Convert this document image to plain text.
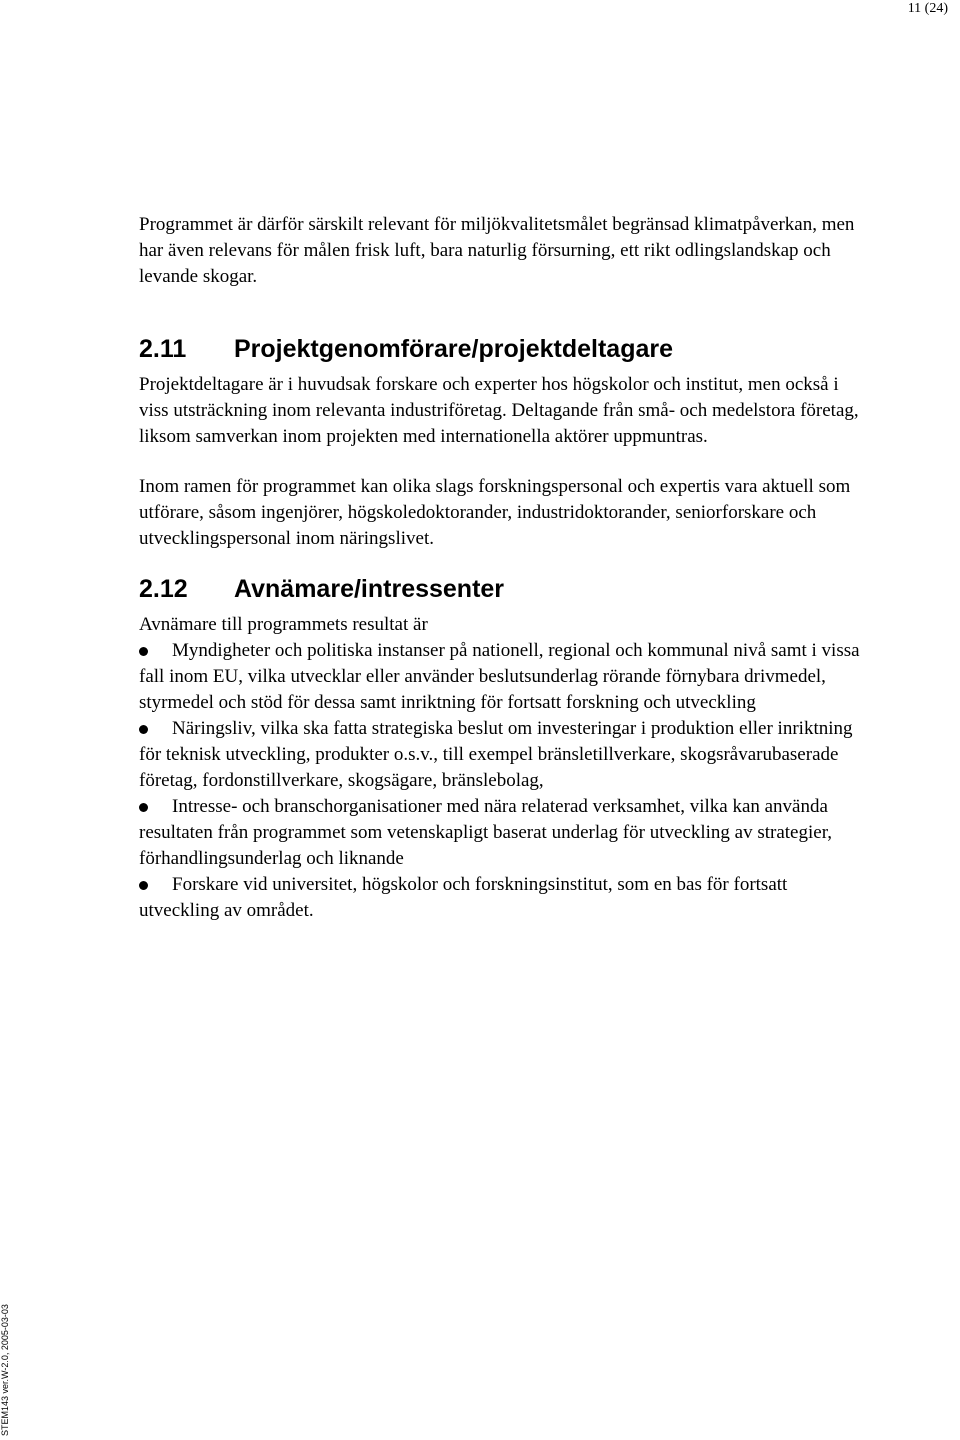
11 (24)

Programmet är därför särskilt relevant för miljökvalitetsmålet begränsad klimatpåverkan, men har även relevans för målen frisk luft, bara naturlig försurning, ett rikt odlingslandskap och levande skogar.

2.11 Projektgenomförare/projektdeltagare

Projektdeltagare är i huvudsak forskare och experter hos högskolor och institut, men också i viss utsträckning inom relevanta industriföretag. Deltagande från små- och medelstora företag, liksom samverkan inom projekten med internationella aktörer uppmuntras.

Inom ramen för programmet kan olika slags forskningspersonal och expertis vara aktuell som utförare, såsom ingenjörer, högskoledoktorander, industridoktorander, seniorforskare och utvecklingspersonal inom näringslivet.

2.12 Avnämare/intressenter

Avnämare till programmets resultat är

Myndigheter och politiska instanser på nationell, regional och kommunal nivå samt i vissa fall inom EU, vilka utvecklar eller använder beslutsunderlag rörande förnybara drivmedel, styrmedel och stöd för dessa samt inriktning för fortsatt forskning och utveckling
Näringsliv, vilka ska fatta strategiska beslut om investeringar i produktion eller inriktning för teknisk utveckling, produkter o.s.v., till exempel bränsletillverkare, skogsråvarubaserade företag, fordonstillverkare, skogsägare, bränslebolag,
Intresse- och branschorganisationer med nära relaterad verksamhet, vilka kan använda resultaten från programmet som vetenskapligt baserat underlag för utveckling av strategier, förhandlingsunderlag och liknande
Forskare vid universitet, högskolor och forskningsinstitut, som en bas för fortsatt utveckling av området.
STEM143 ver.W-2.0, 2005-03-03
